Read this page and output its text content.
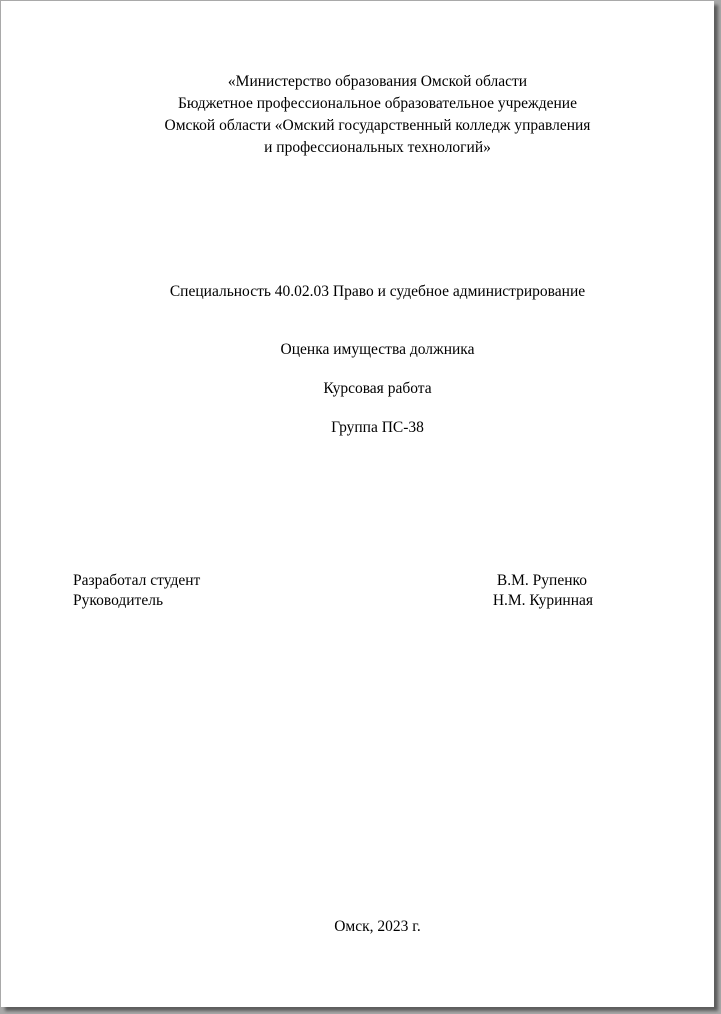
«Министерство образования Омской области
Бюджетное профессиональное образовательное учреждение
Омской области «Омский государственный колледж управления
и профессиональных технологий»
Специальность 40.02.03 Право и судебное администрирование
Оценка имущества должника
Курсовая работа
Группа ПС-38
Разработал студент	В.М. Рупенко
Руководитель	Н.М. Куринная
Омск, 2023 г.
